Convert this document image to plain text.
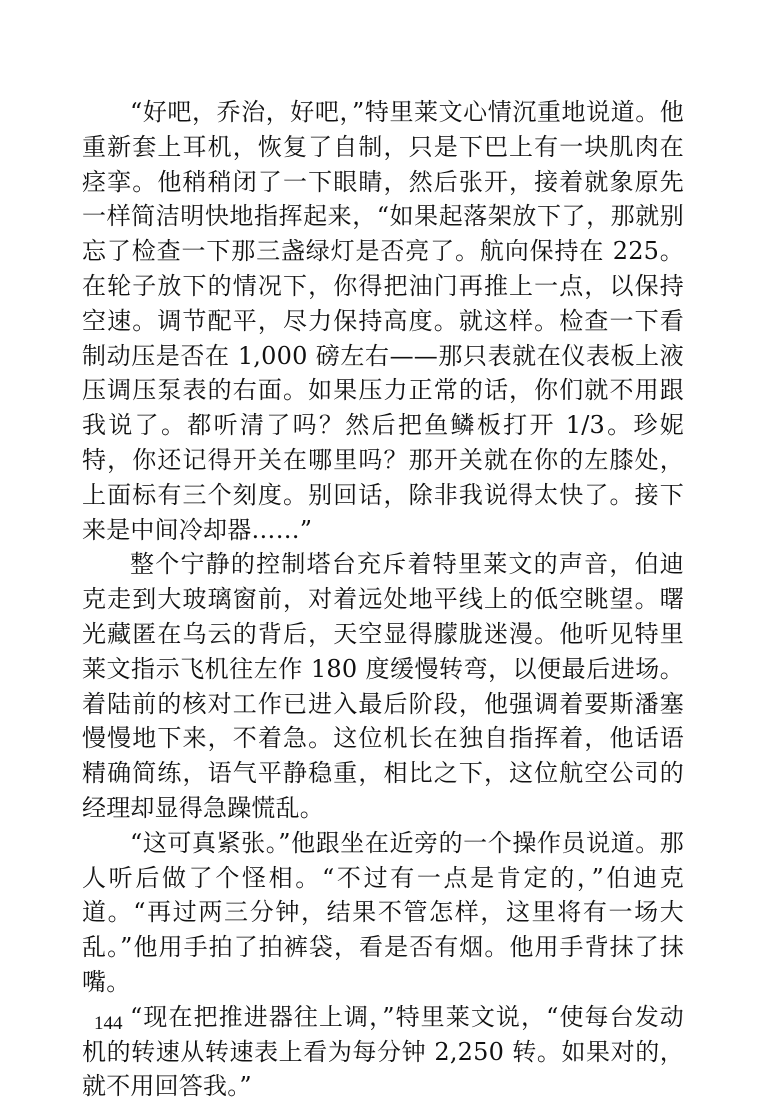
“好吧，乔治，好吧，”特里莱文心情沉重地说道。他重新套上耳机，恢复了自制，只是下巴上有一块肌肉在痉挛。他稍稍闭了一下眼睛，然后张开，接着就象原先一样简洁明快地指挥起来，“如果起落架放下了，那就别忘了检查一下那三盏绿灯是否亮了。航向保持在 225。在轮子放下的情况下，你得把油门再推上一点，以保持空速。调节配平，尽力保持高度。就这样。检查一下看制动压是否在 1,000 磅左右——那只表就在仪表板上液压调压泵表的右面。如果压力正常的话，你们就不用跟我说了。都听清了吗？然后把鱼鳞板打开 1/3。珍妮特，你还记得开关在哪里吗？那开关就在你的左膝处，上面标有三个刻度。别回话，除非我说得太快了。接下来是中间冷却器……”

整个宁静的控制塔台充斥着特里莱文的声音，伯迪克走到大玻璃窗前，对着远处地平线上的低空眺望。曙光藏匿在乌云的背后，天空显得朦胧迷漫。他听见特里莱文指示飞机往左作 180 度缓慢转弯，以便最后进场。着陆前的核对工作已进入最后阶段，他强调着要斯潘塞慢慢地下来，不着急。这位机长在独自指挥着，他话语精确简练，语气平静稳重，相比之下，这位航空公司的经理却显得急躁慌乱。

“这可真紧张。”他跟坐在近旁的一个操作员说道。那人听后做了个怪相。“不过有一点是肯定的，”伯迪克道。“再过两三分钟，结果不管怎样，这里将有一场大乱。”他用手拍了拍裤袋，看是否有烟。他用手背抹了抹嘴。

“现在把推进器往上调，”特里莱文说，“使每台发动机的转速从转速表上看为每分钟 2,250 转。如果对的，就不用回答我。”

144
